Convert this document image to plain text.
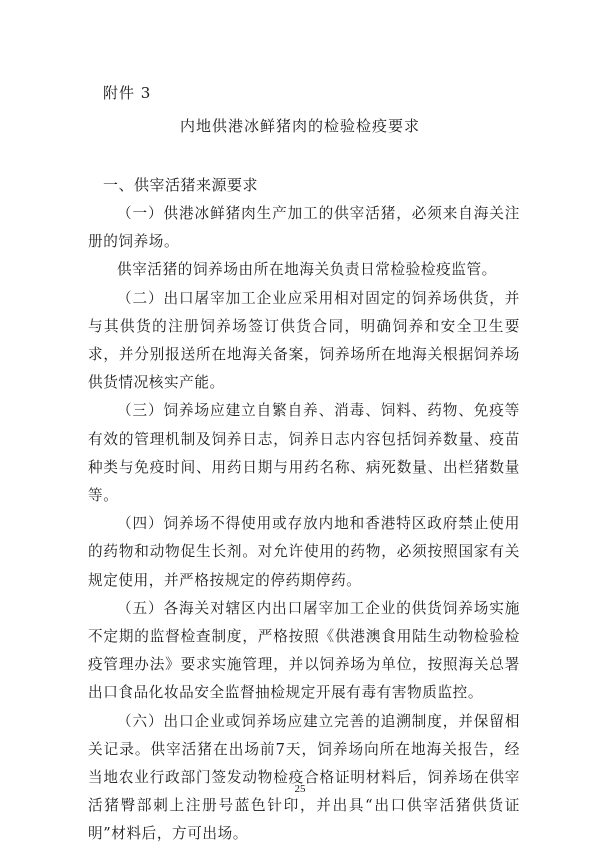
附件 3
内地供港冰鲜猪肉的检验检疫要求
一、供宰活猪来源要求

（一）供港冰鲜猪肉生产加工的供宰活猪，必须来自海关注册的饲养场。

供宰活猪的饲养场由所在地海关负责日常检验检疫监管。

（二）出口屠宰加工企业应采用相对固定的饲养场供货，并与其供货的注册饲养场签订供货合同，明确饲养和安全卫生要求，并分别报送所在地海关备案，饲养场所在地海关根据饲养场供货情况核实产能。

（三）饲养场应建立自繁自养、消毒、饲料、药物、免疫等有效的管理机制及饲养日志，饲养日志内容包括饲养数量、疫苗种类与免疫时间、用药日期与用药名称、病死数量、出栏猪数量等。

（四）饲养场不得使用或存放内地和香港特区政府禁止使用的药物和动物促生长剂。对允许使用的药物，必须按照国家有关规定使用，并严格按规定的停药期停药。

（五）各海关对辖区内出口屠宰加工企业的供货饲养场实施不定期的监督检查制度，严格按照《供港澳食用陆生动物检验检疫管理办法》要求实施管理，并以饲养场为单位，按照海关总署出口食品化妆品安全监督抽检规定开展有毒有害物质监控。

（六）出口企业或饲养场应建立完善的追溯制度，并保留相关记录。供宰活猪在出场前7天，饲养场向所在地海关报告，经当地农业行政部门签发动物检疫合格证明材料后，饲养场在供宰活猪臀部刺上注册号蓝色针印，并出具“出口供宰活猪供货证明”材料后，方可出场。

25
